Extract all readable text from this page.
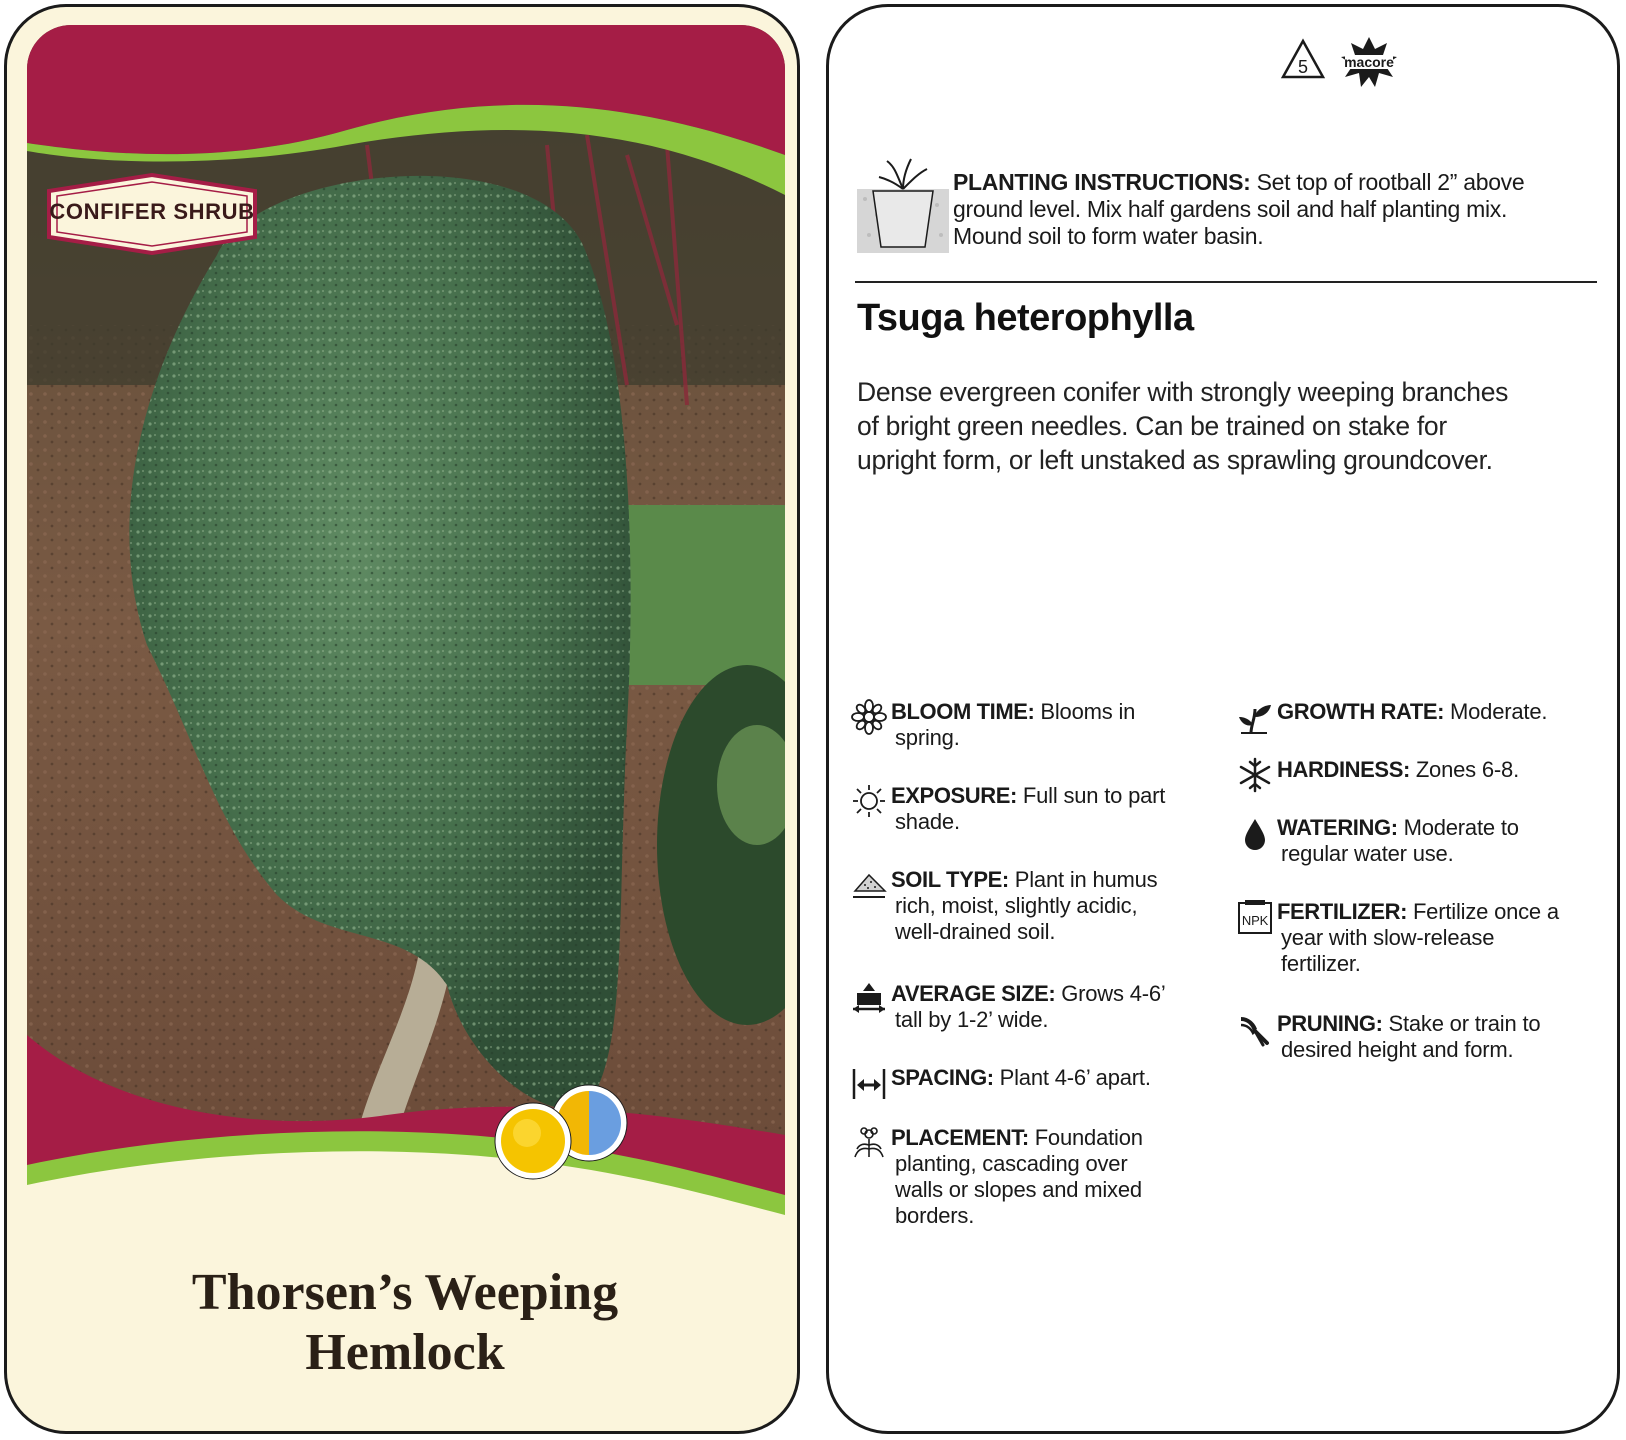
CONFIFER SHRUB
Thorsen’s Weeping
Hemlock
5	macore
PLANTING INSTRUCTIONS: Set top of rootball 2” above
ground level. Mix half gardens soil and half planting mix.
Mound soil to form water basin.
Tsuga heterophylla
Dense evergreen conifer with strongly weeping branches
of bright green needles. Can be trained on stake for
upright form, or left unstaked as sprawling groundcover.
BLOOM TIME: Blooms in
spring.
EXPOSURE: Full sun to part
shade.
SOIL TYPE: Plant in humus
rich, moist, slightly acidic,
well-drained soil.
AVERAGE SIZE: Grows 4-6’
tall by 1-2’ wide.
SPACING: Plant 4-6’ apart.
PLACEMENT: Foundation
planting, cascading over
walls or slopes and mixed
borders.
GROWTH RATE: Moderate.
HARDINESS: Zones 6-8.
WATERING: Moderate to
regular water use.
NPK FERTILIZER: Fertilize once a
year with slow-release
fertilizer.
PRUNING: Stake or train to
desired height and form.
